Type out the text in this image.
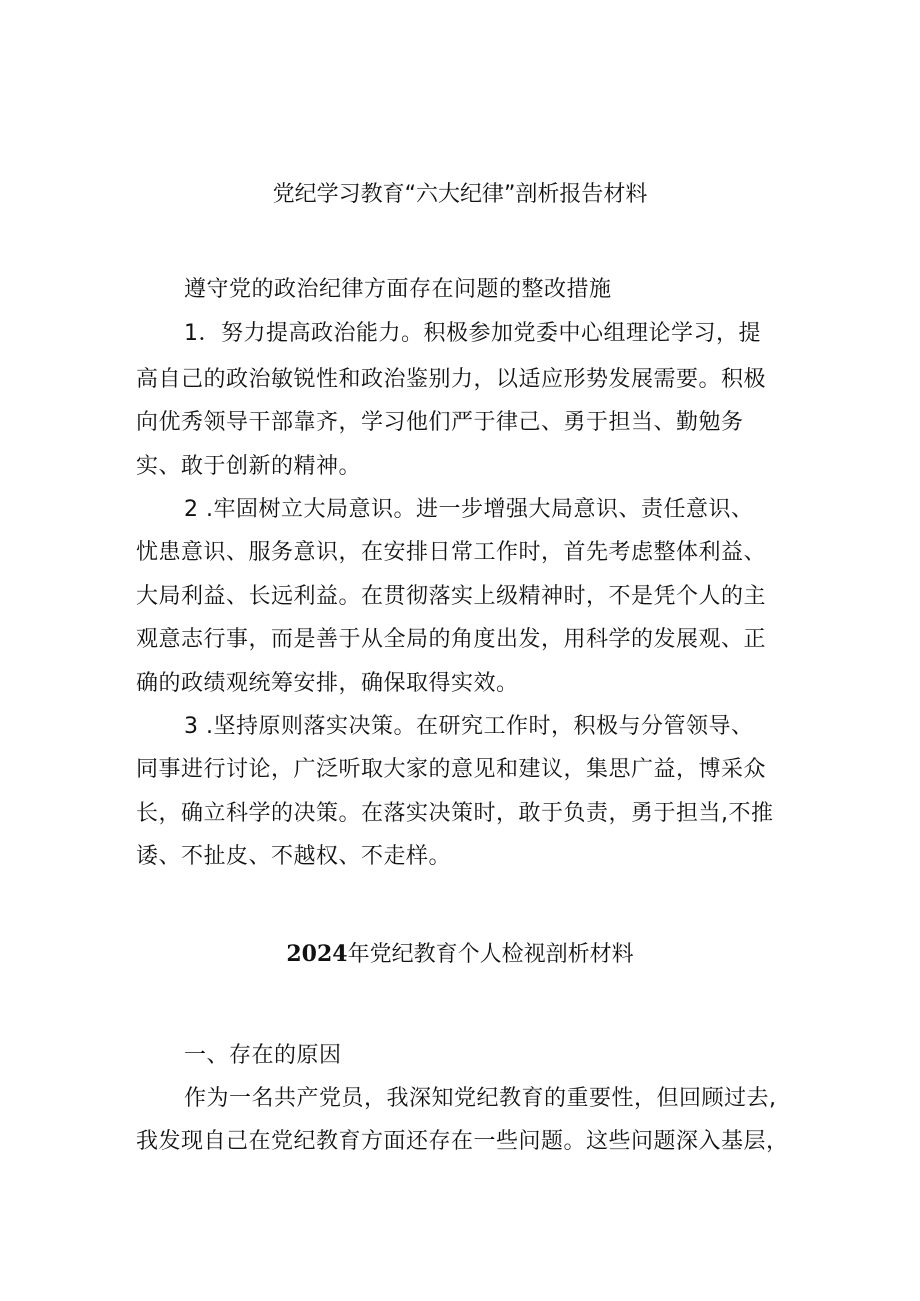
党纪学习教育“六大纪律”剖析报告材料
遵守党的政治纪律方面存在问题的整改措施
1．努力提高政治能力。积极参加党委中心组理论学习，提
高自己的政治敏锐性和政治鉴别力，以适应形势发展需要。积极
向优秀领导干部靠齐，学习他们严于律己、勇于担当、勤勉务
实、敢于创新的精神。
2 .牢固树立大局意识。进一步增强大局意识、责任意识、
忧患意识、服务意识，在安排日常工作时，首先考虑整体利益、
大局利益、长远利益。在贯彻落实上级精神时，不是凭个人的主
观意志行事，而是善于从全局的角度出发，用科学的发展观、正
确的政绩观统筹安排，确保取得实效。
3 .坚持原则落实决策。在研究工作时，积极与分管领导、
同事进行讨论，广泛听取大家的意见和建议，集思广益，博采众
长，确立科学的决策。在落实决策时，敢于负责，勇于担当,不推
诿、不扯皮、不越权、不走样。
2024年党纪教育个人检视剖析材料
一、存在的原因
作为一名共产党员，我深知党纪教育的重要性，但回顾过去,
我发现自己在党纪教育方面还存在一些问题。这些问题深入基层，
